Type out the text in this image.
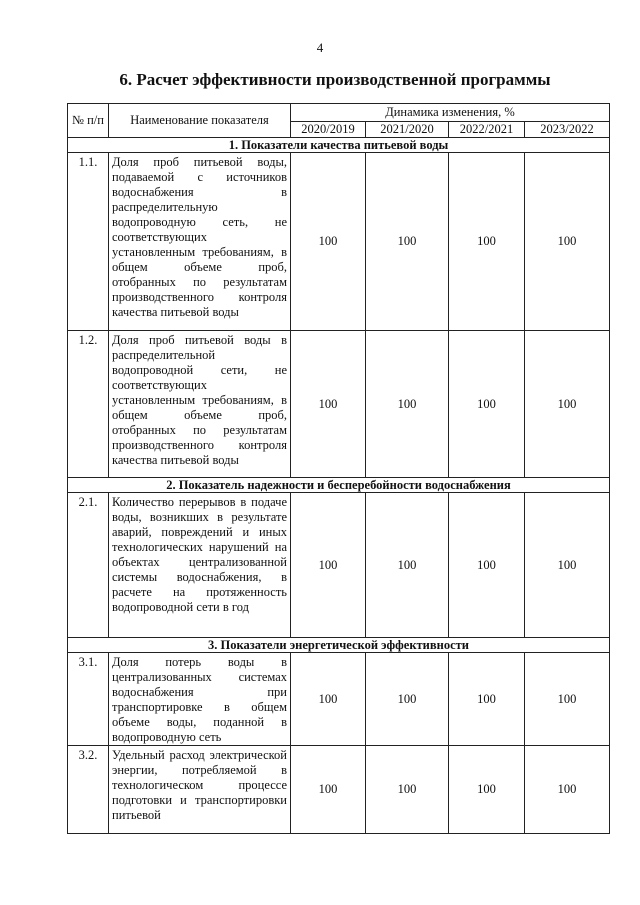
4
6. Расчет эффективности производственной программы
№ п/п	Наименование показателя	Динамика изменения, %			
		2020/2019	2021/2020	2022/2021	2023/2022
1. Показатели качества питьевой воды					
1.1.	Доля проб питьевой воды, подаваемой с источников водоснабжения в распределительную водопроводную сеть, не соответствующих установленным требованиям, в общем объеме проб, отобранных по результатам производственного контроля качества питьевой воды	100	100	100	100
1.2.	Доля проб питьевой воды в распределительной водопроводной сети, не соответствующих установленным требованиям, в общем объеме проб, отобранных по результатам производственного контроля качества питьевой воды	100	100	100	100
2. Показатель надежности и бесперебойности водоснабжения					
2.1.	Количество перерывов в подаче воды, возникших в результате аварий, повреждений и иных технологических нарушений на объектах централизованной системы водоснабжения, в расчете на протяженность водопроводной сети в год	100	100	100	100
3. Показатели энергетической эффективности					
3.1.	Доля потерь воды в централизованных системах водоснабжения при транспортировке в общем объеме воды, поданной в водопроводную сеть	100	100	100	100
3.2.	Удельный расход электрической энергии, потребляемой в технологическом процессе подготовки и транспортировки питьевой	100	100	100	100
